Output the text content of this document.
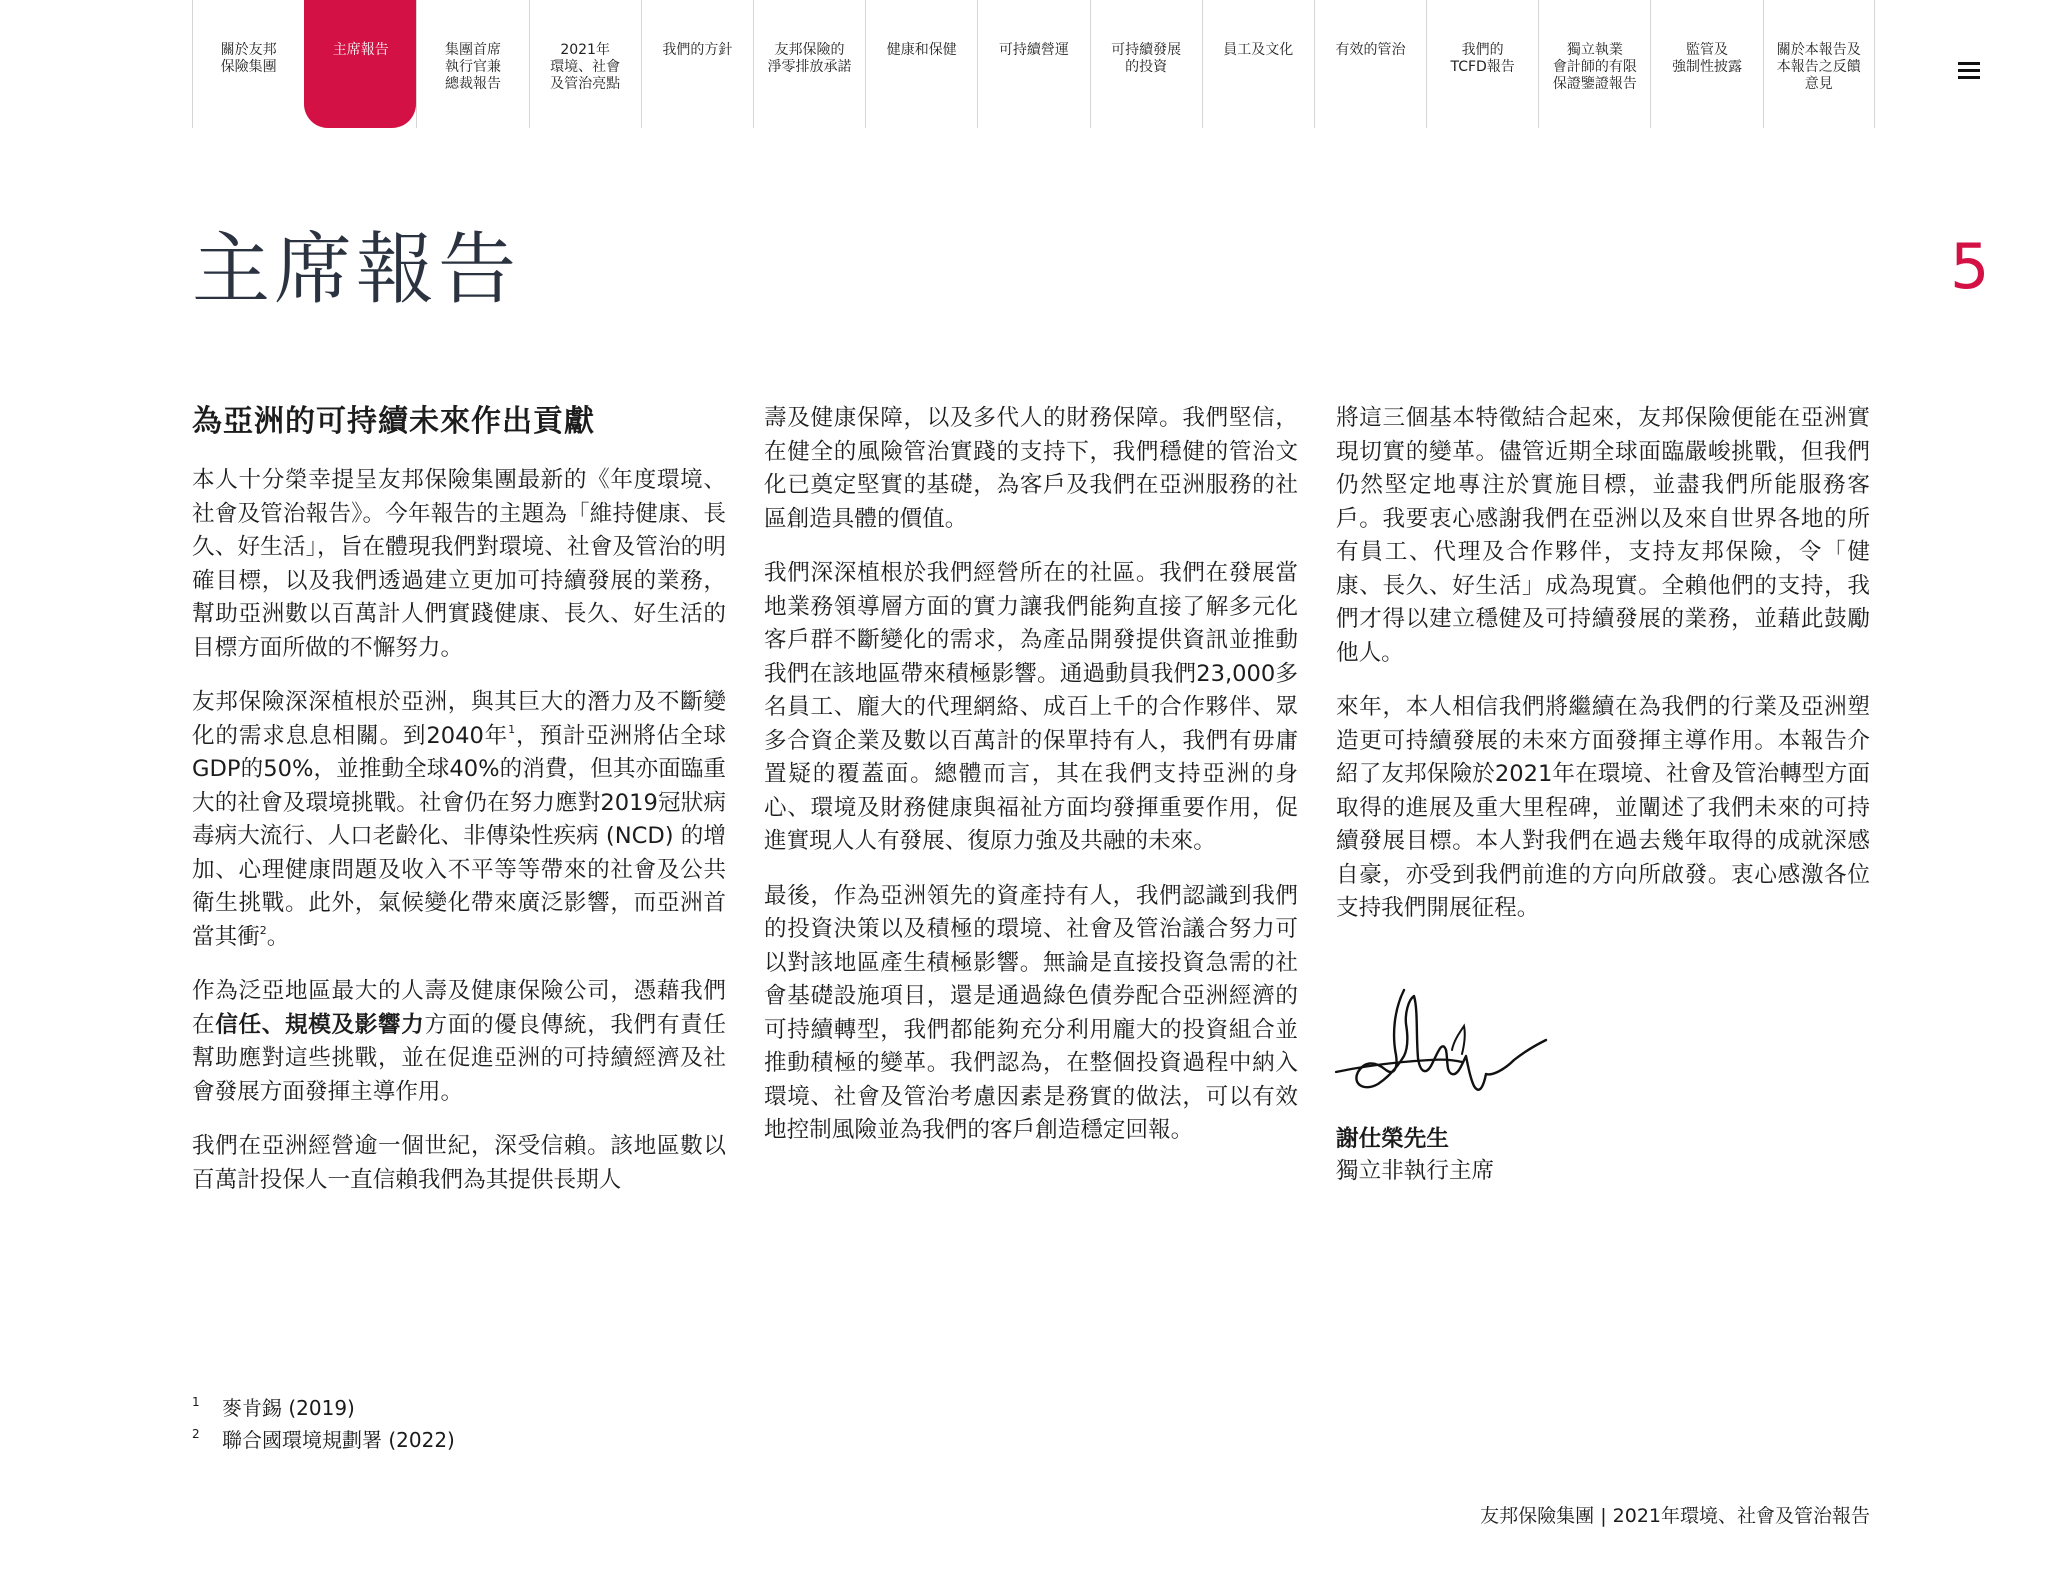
關於友邦
保險集團
主席報告	集團首席
執行官兼
總裁報告
2021年
環境、社會
及管治亮點
我們的方針	友邦保險的
淨零排放承諾
健康和保健	可持續營運	可持續發展
的投資
員工及文化	有效的管治	我們的
TCFD報告
獨立執業
會計師的有限
保證鑒證報告
監管及
強制性披露
關於本報告及
本報告之反饋
意見
主席報告	5
為亞洲的可持續未來作出貢獻

本人十分榮幸提呈友邦保險集團最新的《年度環境、社會及管治報告》。今年報告的主題為「維持健康、長久、好生活」，旨在體現我們對環境、社會及管治的明確目標，以及我們透過建立更加可持續發展的業務，幫助亞洲數以百萬計人們實踐健康、長久、好生活的目標方面所做的不懈努力。

友邦保險深深植根於亞洲，與其巨大的潛力及不斷變化的需求息息相關。到2040年$^1$，預計亞洲將佔全球GDP的50%，並推動全球40%的消費，但其亦面臨重大的社會及環境挑戰。社會仍在努力應對2019冠狀病毒病大流行、人口老齡化、非傳染性疾病 (NCD) 的增加、心理健康問題及收入不平等等帶來的社會及公共衛生挑戰。此外，氣候變化帶來廣泛影響，而亞洲首當其衝$^2$。

作為泛亞地區最大的人壽及健康保險公司，憑藉我們在信任、規模及影響力方面的優良傳統，我們有責任幫助應對這些挑戰，並在促進亞洲的可持續經濟及社會發展方面發揮主導作用。

我們在亞洲經營逾一個世紀，深受信賴。該地區數以百萬計投保人一直信賴我們為其提供長期人

壽及健康保障，以及多代人的財務保障。我們堅信，在健全的風險管治實踐的支持下，我們穩健的管治文化已奠定堅實的基礎，為客戶及我們在亞洲服務的社區創造具體的價值。

我們深深植根於我們經營所在的社區。我們在發展當地業務領導層方面的實力讓我們能夠直接了解多元化客戶群不斷變化的需求，為產品開發提供資訊並推動我們在該地區帶來積極影響。通過動員我們23,000多名員工、龐大的代理網絡、成百上千的合作夥伴、眾多合資企業及數以百萬計的保單持有人，我們有毋庸置疑的覆蓋面。總體而言，其在我們支持亞洲的身心、環境及財務健康與福祉方面均發揮重要作用，促進實現人人有發展、復原力強及共融的未來。

最後，作為亞洲領先的資產持有人，我們認識到我們的投資決策以及積極的環境、社會及管治議合努力可以對該地區產生積極影響。無論是直接投資急需的社會基礎設施項目，還是通過綠色債券配合亞洲經濟的可持續轉型，我們都能夠充分利用龐大的投資組合並推動積極的變革。我們認為，在整個投資過程中納入環境、社會及管治考慮因素是務實的做法，可以有效地控制風險並為我們的客戶創造穩定回報。

將這三個基本特徵結合起來，友邦保險便能在亞洲實現切實的變革。儘管近期全球面臨嚴峻挑戰，但我們仍然堅定地專注於實施目標，並盡我們所能服務客戶。我要衷心感謝我們在亞洲以及來自世界各地的所有員工、代理及合作夥伴，支持友邦保險，令「健康、長久、好生活」成為現實。全賴他們的支持，我們才得以建立穩健及可持續發展的業務，並藉此鼓勵他人。

來年，本人相信我們將繼續在為我們的行業及亞洲塑造更可持續發展的未來方面發揮主導作用。本報告介紹了友邦保險於2021年在環境、社會及管治轉型方面取得的進展及重大里程碑，並闡述了我們未來的可持續發展目標。本人對我們在過去幾年取得的成就深感自豪，亦受到我們前進的方向所啟發。衷心感激各位支持我們開展征程。

謝仕榮先生
獨立非執行主席
1 麥肯錫 (2019)
2 聯合國環境規劃署 (2022)
友邦保險集團 | 2021年環境、社會及管治報告
